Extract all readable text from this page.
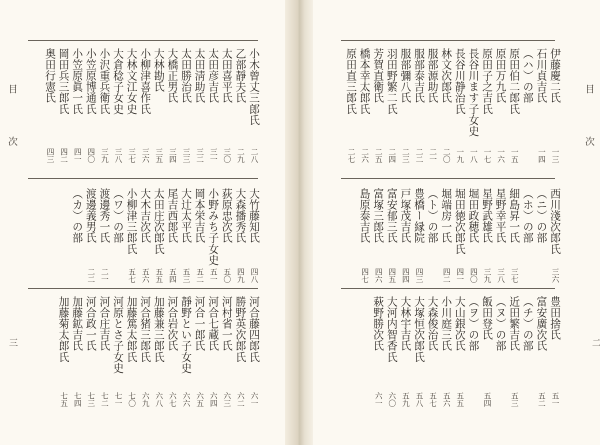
目　　次
二
伊藤慶二氏
一三
石川貞吉氏
一四
（ハ）の部
原田伯二郎氏
一五
原田万九氏
一六
原田子之吉氏
一七
長谷川ます子女史
一八
長谷川静治氏
一九
林文次郎氏
二〇
服部源助氏
二一
服部泰吉氏
二二
服部彌八氏
二三
羽田野繁二氏
二四
芳賀直衛氏
二五
橋本幸太郎氏
二六
原田直三郎氏
二七
西川淺次郎氏
三六
（ニ）の部
（ホ）の部
細島昇一氏
三七
星野幸平氏
三八
星野武雄氏
三九
堀田政穂氏
四〇
堀田徳次郎氏
四一
堀端房一氏
四二
（ト）の部
豊橋ー縁院
四三
戸塚茂吉氏
四四
富安郁三氏
四五
富塚三郎氏
四六
島原泰吉氏
四七
豊田捨氏
五一
富安廣次氏
五二
（チ）の部
近田繁吉氏
五三
（ヌ）の部
飯田登氏
五四
（ヲ）の部
大山銀次氏
五五
小川庭三氏
五六
大森俊治氏
五七
大塚恒次郎氏
五八
大林宇吉氏
五九
大河内智香氏
六〇
萩野勝次氏
六一
目　　次
三
小木曾丈三郎氏
二八
乙部靜夫氏
二九
太田喜平氏
三〇
太田彦吉氏
三一
太田淸助氏
三二
太田勝治氏
三三
大橋正男氏
三四
大林勘氏
三五
小柳津喜作氏
三六
大林文江女史
三七
大倉稔子女史
三八
小沢重兵衛氏
三九
小笠原博通氏
四〇
小笠原眞一氏
四一
岡田兵三郎氏
四二
奥田行憲氏
四三
大竹藤知氏
四八
大森播秀氏
四九
荻原忠次氏
五〇
小野みち子女史
五一
岡本栄吉氏
五二
大辻太平氏
五三
尾吉西郎氏
五四
太田庄次郎氏
五五
大木吉次氏
五六
小柳津三郎氏
五七
（ワ）の部
渡邊秀一氏
二一
渡邊義男氏
二二
（カ）の部
河合藤四郎氏
六一
勝野英次郎氏
六二
河村省一氏
六三
河合七蔵氏
六四
河合一郎氏
六五
靜野とい子女史
六六
河合岩次氏
六七
加藤兼三郎氏
六八
河合猪三郎氏
六九
加藤篤太郎氏
七〇
河原とさ子女史
七一
河合庄吉氏
七二
河合政一氏
七三
加藤鉱吉氏
七四
加藤菊太郎氏
七五
